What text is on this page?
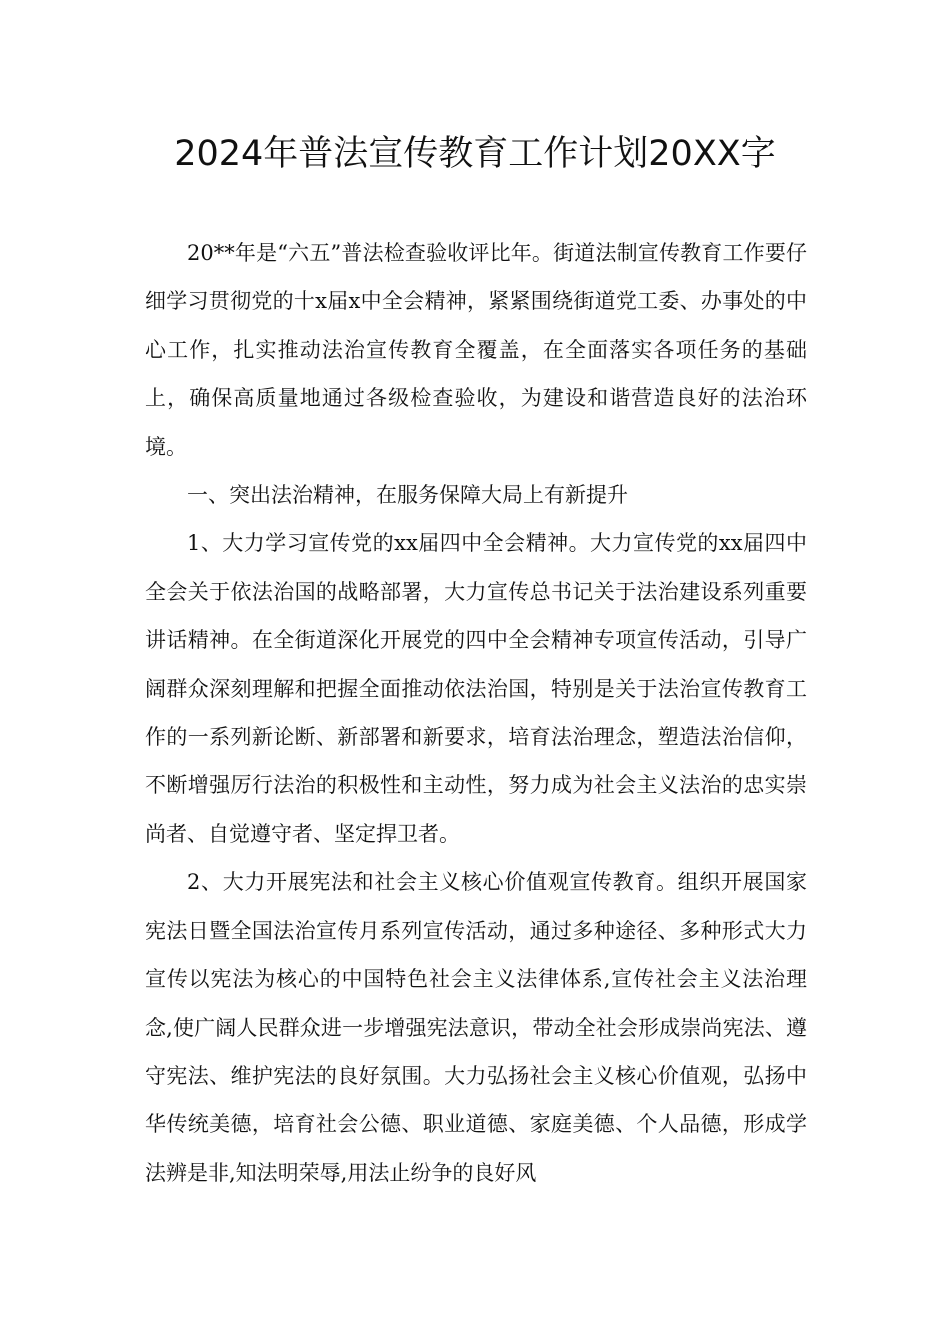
2024年普法宣传教育工作计划20XX字

20**年是“六五”普法检查验收评比年。街道法制宣传教育工作要仔细学习贯彻党的十x届x中全会精神，紧紧围绕街道党工委、办事处的中心工作，扎实推动法治宣传教育全覆盖，在全面落实各项任务的基础上，确保高质量地通过各级检查验收，为建设和谐营造良好的法治环境。

一、突出法治精神，在服务保障大局上有新提升

1、大力学习宣传党的xx届四中全会精神。大力宣传党的xx届四中全会关于依法治国的战略部署，大力宣传总书记关于法治建设系列重要讲话精神。在全街道深化开展党的四中全会精神专项宣传活动，引导广阔群众深刻理解和把握全面推动依法治国，特别是关于法治宣传教育工作的一系列新论断、新部署和新要求，培育法治理念，塑造法治信仰，不断增强厉行法治的积极性和主动性，努力成为社会主义法治的忠实崇尚者、自觉遵守者、坚定捍卫者。

2、大力开展宪法和社会主义核心价值观宣传教育。组织开展国家宪法日暨全国法治宣传月系列宣传活动，通过多种途径、多种形式大力宣传以宪法为核心的中国特色社会主义法律体系,宣传社会主义法治理念,使广阔人民群众进一步增强宪法意识，带动全社会形成崇尚宪法、遵守宪法、维护宪法的良好氛围。大力弘扬社会主义核心价值观，弘扬中华传统美德，培育社会公德、职业道德、家庭美德、个人品德，形成学法辨是非,知法明荣辱,用法止纷争的良好风
